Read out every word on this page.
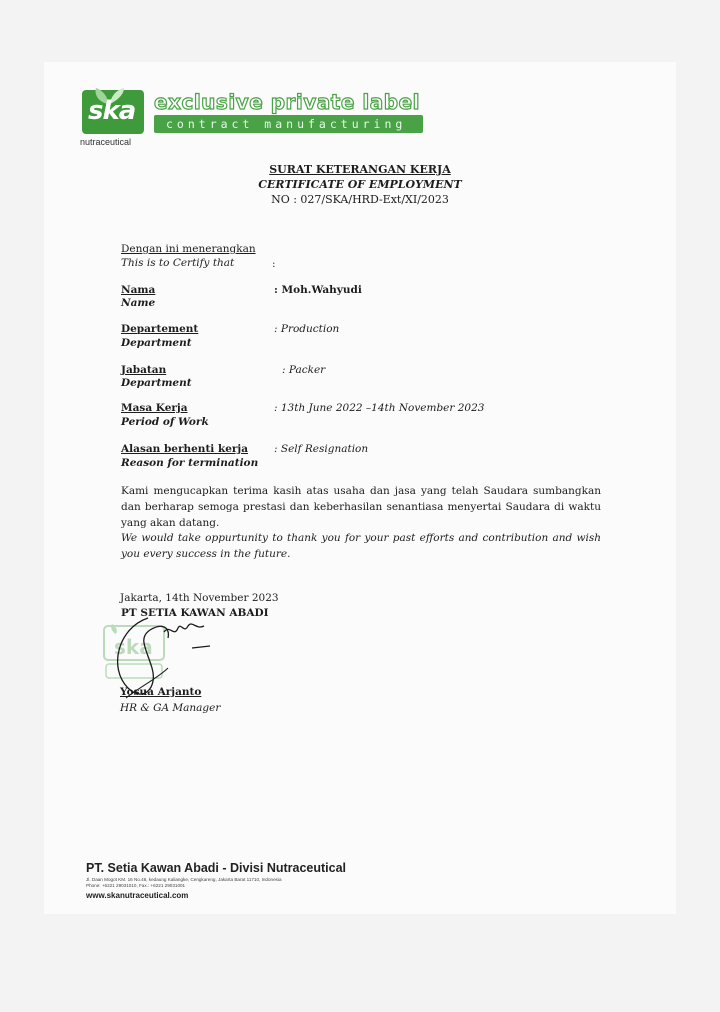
ska
nutraceutical
exclusive private label
contract manufacturing
SURAT KETERANGAN KERJA
CERTIFICATE OF EMPLOYMENT
NO : 027/SKA/HRD-Ext/XI/2023
Dengan ini menerangkan
This is to Certify that	:
Nama
Name
: Moh.Wahyudi
Departement
Department
: Production
Jabatan
Department
: Packer
Masa Kerja
Period of Work
: 13th June 2022 –14th November 2023
Alasan berhenti kerja
Reason for termination
: Self Resignation
Kami mengucapkan terima kasih atas usaha dan jasa yang telah Saudara sumbangkan dan berharap semoga prestasi dan keberhasilan senantiasa menyertai Saudara di waktu yang akan datang.
We would take oppurtunity to thank you for your past efforts and contribution and wish you every success in the future.
Jakarta, 14th November 2023
PT SETIA KAWAN ABADI
ska
Yosua Arjanto
HR & GA Manager
PT. Setia Kawan Abadi - Divisi Nutraceutical
Jl. Daan Mogot KM. 16 No.46, kedaung Kaliangke, Cengkareng, Jakarta Barat 11710, Indonesia
Phone: +6221 29031010, Fax.: +6221 29031001
www.skanutraceutical.com
